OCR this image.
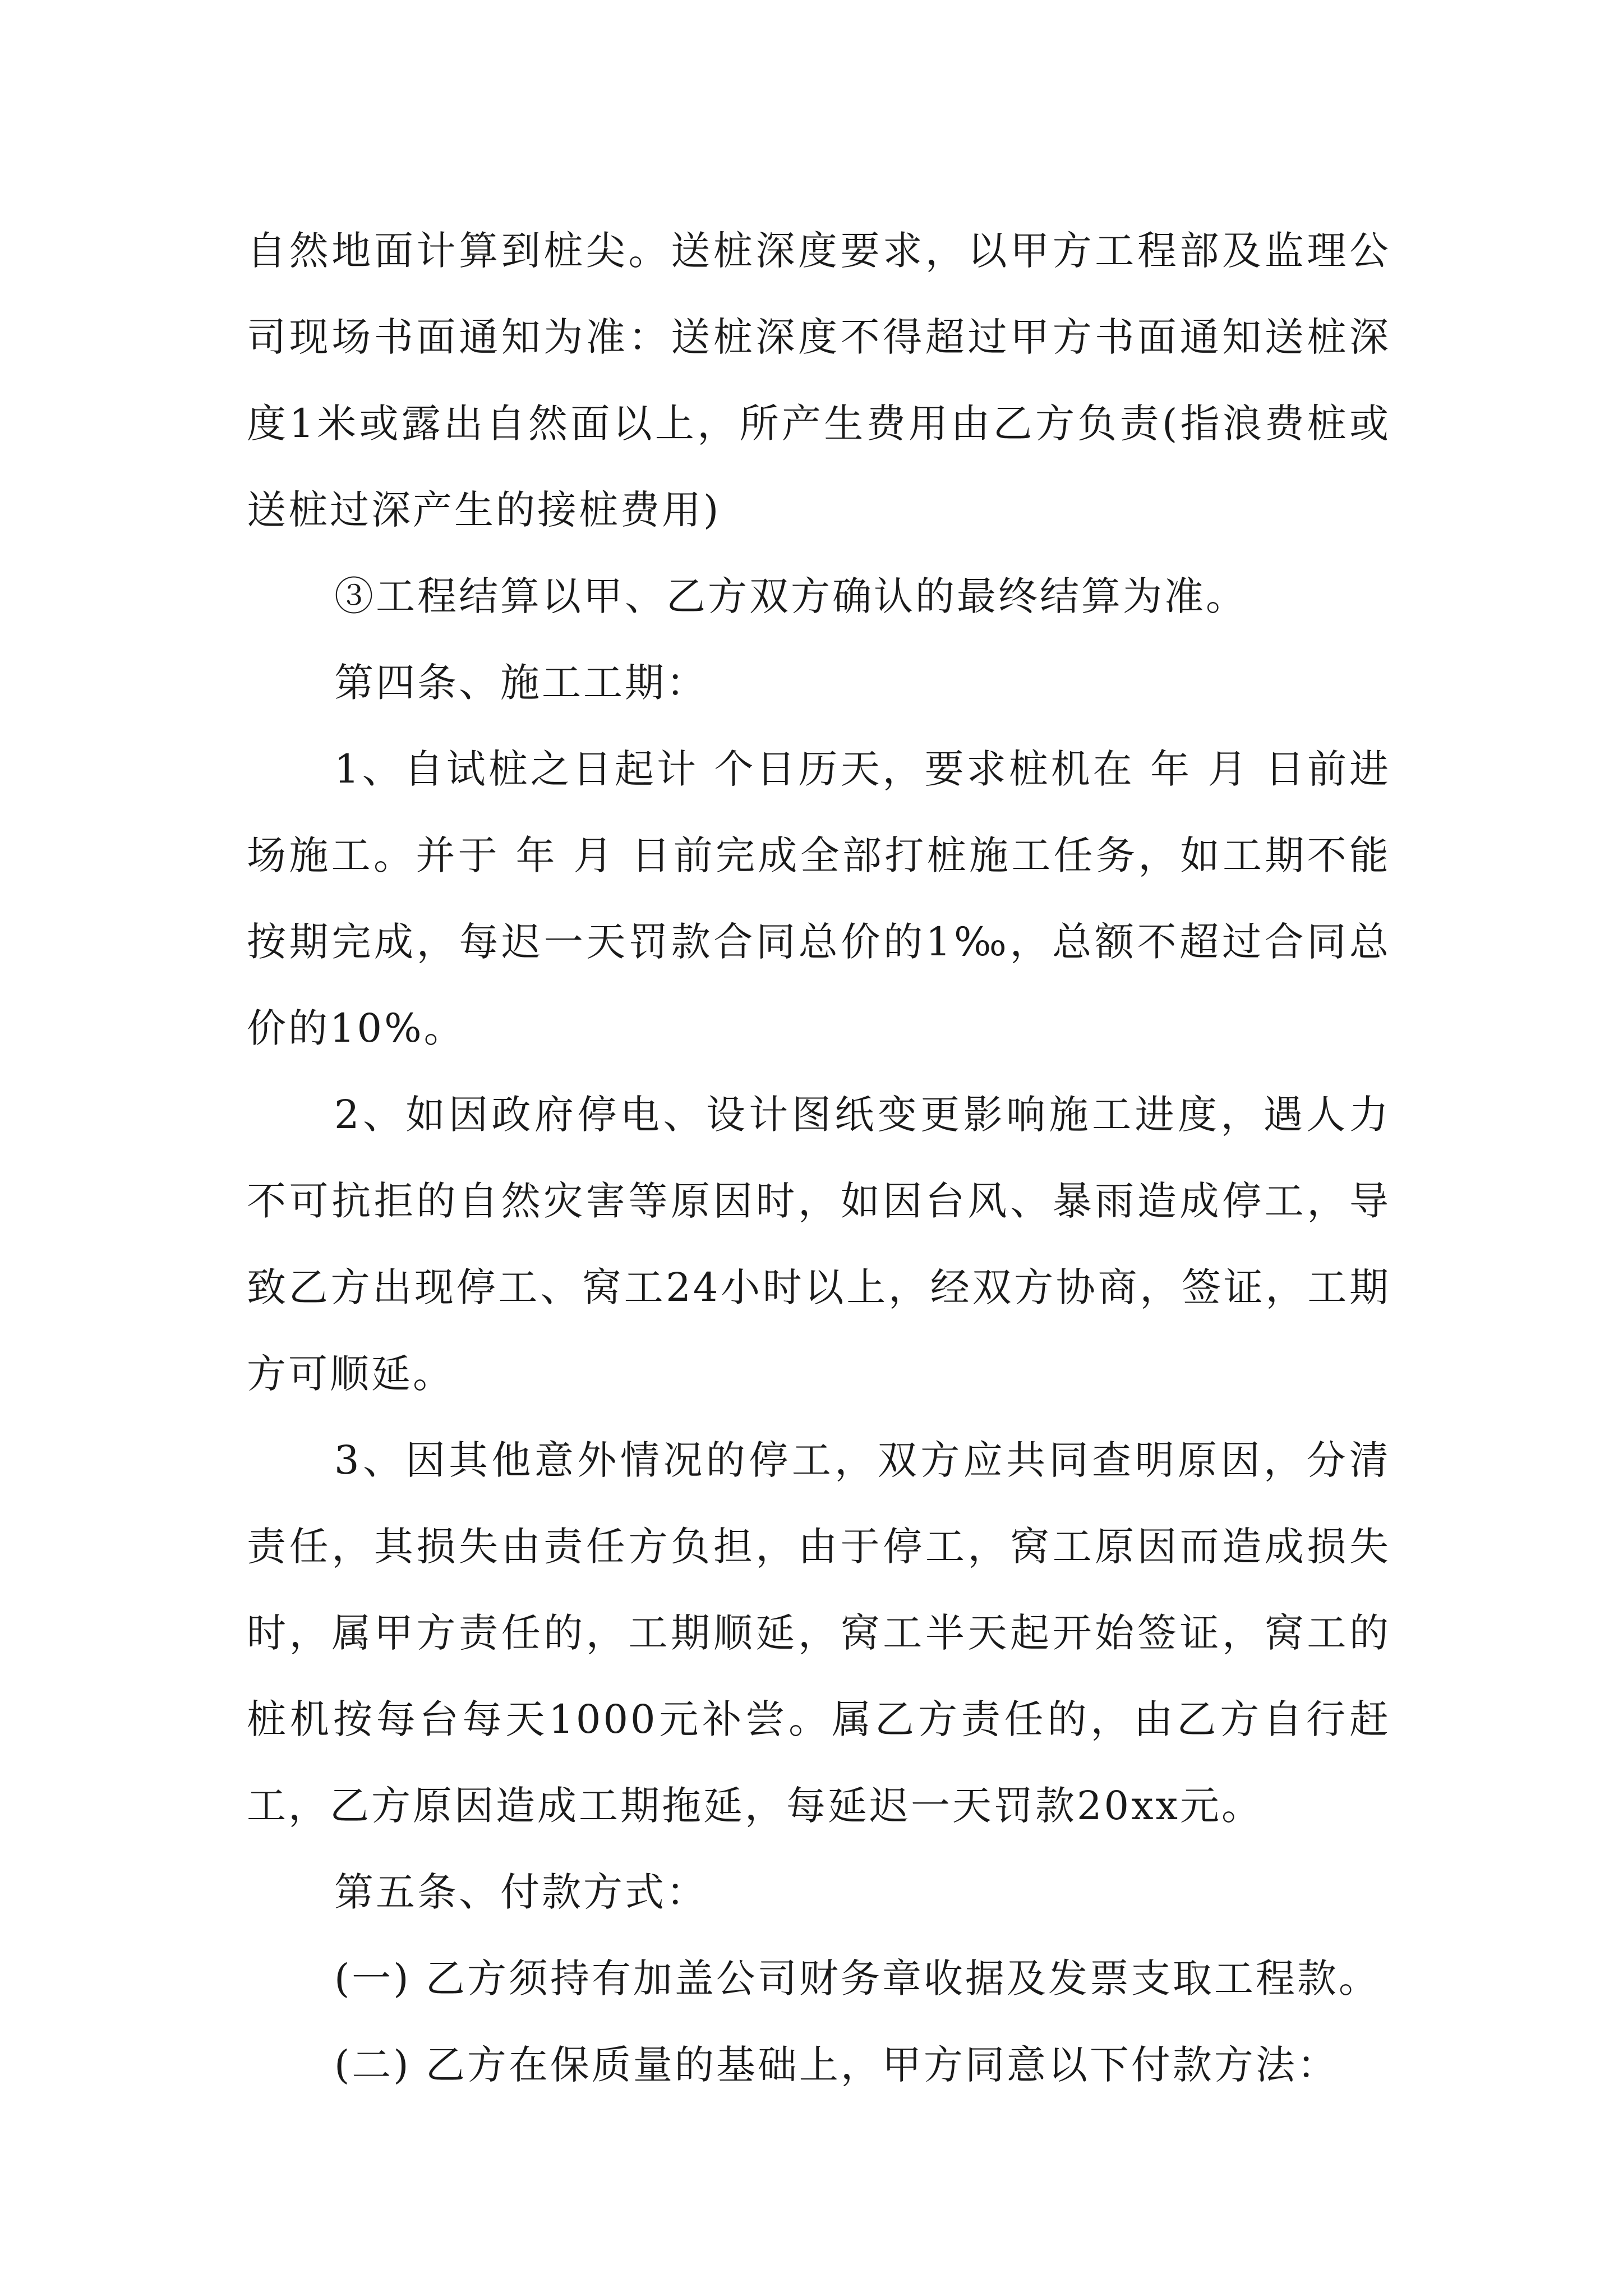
自然地面计算到桩尖。送桩深度要求，以甲方工程部及监理公司现场书面通知为准：送桩深度不得超过甲方书面通知送桩深度1米或露出自然面以上，所产生费用由乙方负责(指浪费桩或送桩过深产生的接桩费用)

③工程结算以甲、乙方双方确认的最终结算为准。

第四条、施工工期：

1、自试桩之日起计 个日历天，要求桩机在 年 月 日前进场施工。并于 年 月 日前完成全部打桩施工任务，如工期不能按期完成，每迟一天罚款合同总价的1‰，总额不超过合同总价的10%。

2、如因政府停电、设计图纸变更影响施工进度，遇人力不可抗拒的自然灾害等原因时，如因台风、暴雨造成停工，导致乙方出现停工、窝工24小时以上，经双方协商，签证，工期方可顺延。

3、因其他意外情况的停工，双方应共同查明原因，分清责任，其损失由责任方负担，由于停工，窝工原因而造成损失时，属甲方责任的，工期顺延，窝工半天起开始签证，窝工的桩机按每台每天1000元补尝。属乙方责任的，由乙方自行赶工，乙方原因造成工期拖延，每延迟一天罚款20xx元。

第五条、付款方式：

(一) 乙方须持有加盖公司财务章收据及发票支取工程款。

(二) 乙方在保质量的基础上，甲方同意以下付款方法：
